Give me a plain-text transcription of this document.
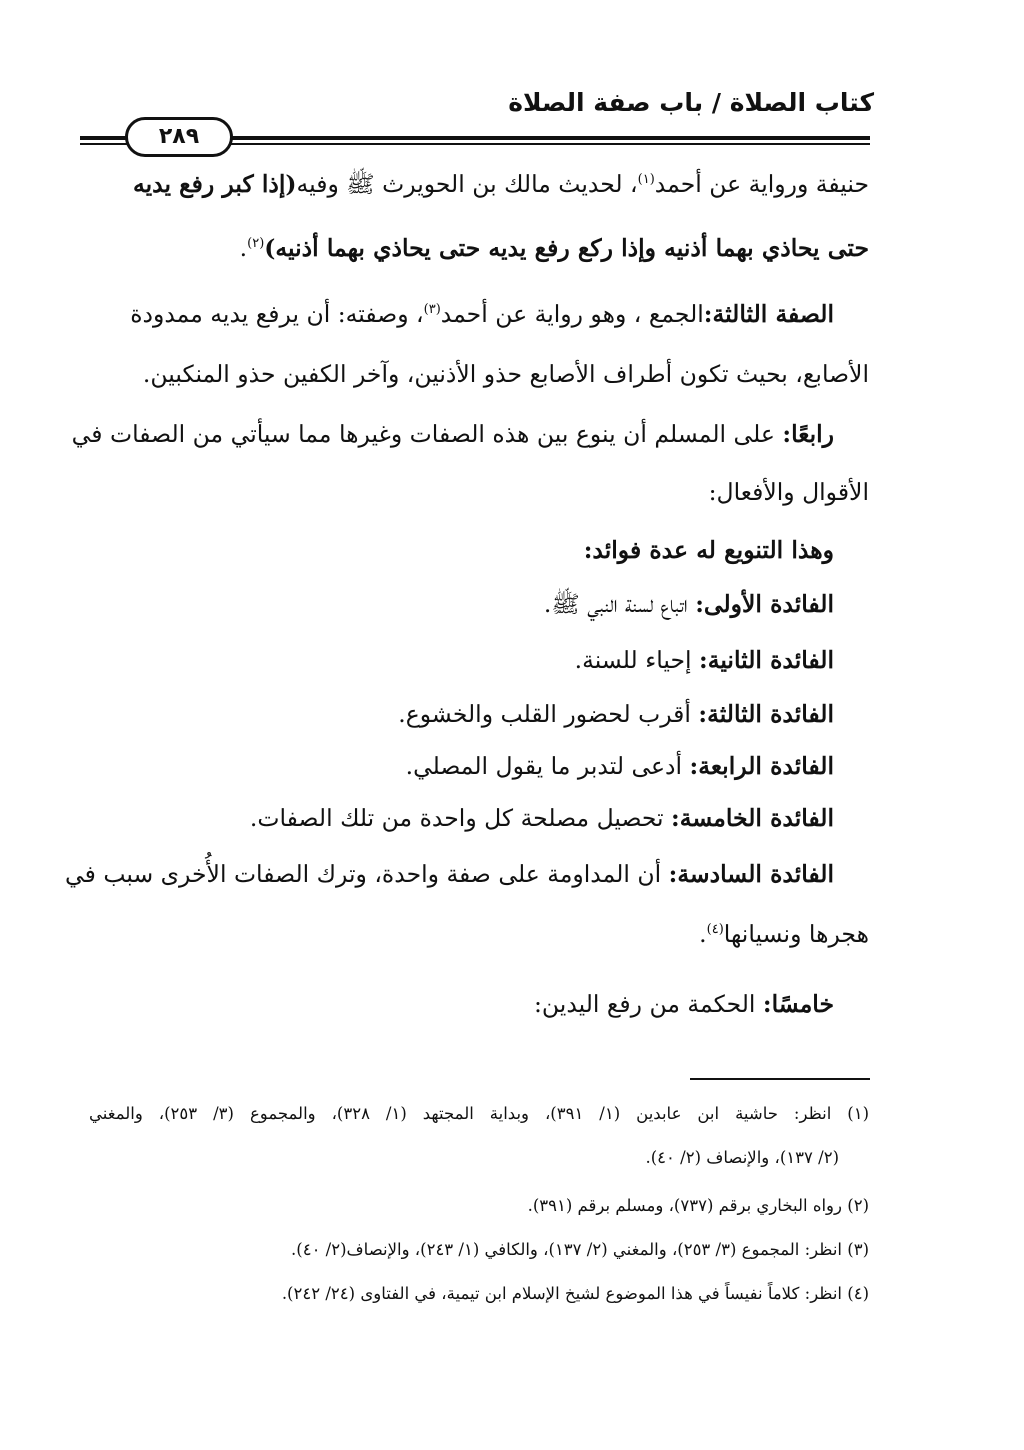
كتاب الصلاة / باب صفة الصلاة
٢٨٩
حنيفة ورواية عن أحمد$^{(١)}$، لحديث مالك بن الحويرث ﷺ وفيه(إذا كبر رفع يديه
حتى يحاذي بهما أذنيه وإذا ركع رفع يديه حتى يحاذي بهما أذنيه)$^{(٢)}$.
الصفة الثالثة:الجمع ، وهو رواية عن أحمد$^{(٣)}$، وصفته: أن يرفع يديه ممدودة
الأصابع، بحيث تكون أطراف الأصابع حذو الأذنين، وآخر الكفين حذو المنكبين.
رابعًا: على المسلم أن ينوع بين هذه الصفات وغيرها مما سيأتي من الصفات في
الأقوال والأفعال:
وهذا التنويع له عدة فوائد:
الفائدة الأولى: اتباع لسنة النبي ﷺ.
الفائدة الثانية: إحياء للسنة.
الفائدة الثالثة: أقرب لحضور القلب والخشوع.
الفائدة الرابعة: أدعى لتدبر ما يقول المصلي.
الفائدة الخامسة: تحصيل مصلحة كل واحدة من تلك الصفات.
الفائدة السادسة: أن المداومة على صفة واحدة، وترك الصفات الأُخرى سبب في
هجرها ونسيانها$^{(٤)}$.
خامسًا: الحكمة من رفع اليدين:
(١) انظر: حاشية ابن عابدين (١/ ٣٩١)، وبداية المجتهد (١/ ٣٢٨)، والمجموع (٣/ ٢٥٣)، والمغني
(٢/ ١٣٧)، والإنصاف (٢/ ٤٠).
(٢) رواه البخاري برقم (٧٣٧)، ومسلم برقم (٣٩١).
(٣) انظر: المجموع (٣/ ٢٥٣)، والمغني (٢/ ١٣٧)، والكافي (١/ ٢٤٣)، والإنصاف(٢/ ٤٠).
(٤) انظر: كلاماً نفيساً في هذا الموضوع لشيخ الإسلام ابن تيمية، في الفتاوى (٢٤/ ٢٤٢).
